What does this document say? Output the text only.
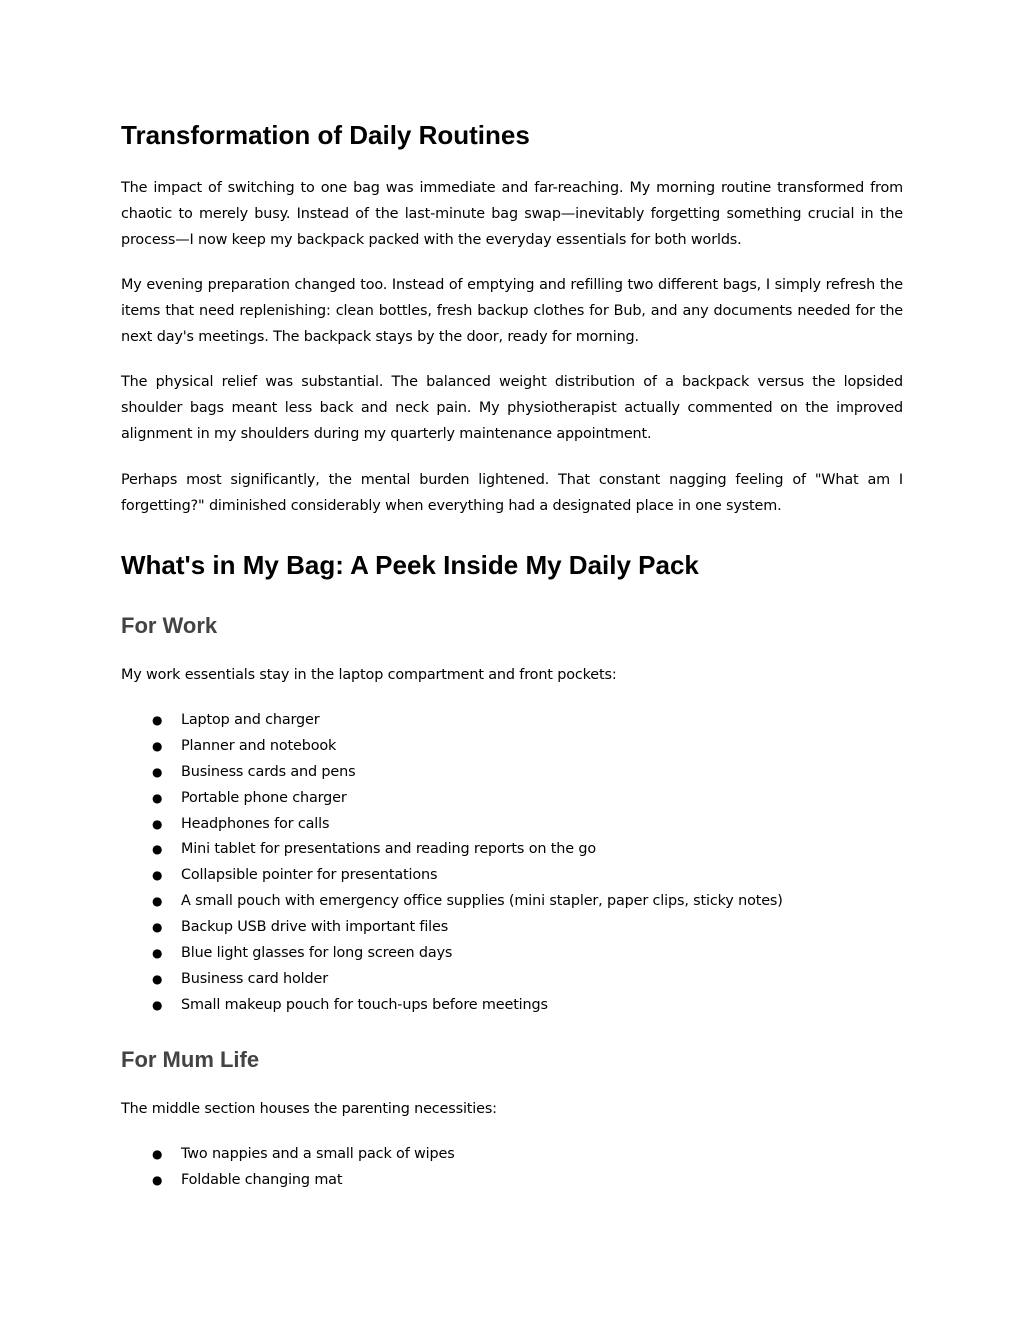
Transformation of Daily Routines

The impact of switching to one bag was immediate and far-reaching. My morning routine transformed from chaotic to merely busy. Instead of the last-minute bag swap—inevitably forgetting something crucial in the process—I now keep my backpack packed with the everyday essentials for both worlds.

My evening preparation changed too. Instead of emptying and refilling two different bags, I simply refresh the items that need replenishing: clean bottles, fresh backup clothes for Bub, and any documents needed for the next day's meetings. The backpack stays by the door, ready for morning.

The physical relief was substantial. The balanced weight distribution of a backpack versus the lopsided shoulder bags meant less back and neck pain. My physiotherapist actually commented on the improved alignment in my shoulders during my quarterly maintenance appointment.

Perhaps most significantly, the mental burden lightened. That constant nagging feeling of "What am I forgetting?" diminished considerably when everything had a designated place in one system.

What's in My Bag: A Peek Inside My Daily Pack
For Work

My work essentials stay in the laptop compartment and front pockets:

● Laptop and charger
● Planner and notebook
● Business cards and pens
● Portable phone charger
● Headphones for calls
● Mini tablet for presentations and reading reports on the go
● Collapsible pointer for presentations
● A small pouch with emergency office supplies (mini stapler, paper clips, sticky notes)
● Backup USB drive with important files
● Blue light glasses for long screen days
● Business card holder
● Small makeup pouch for touch-ups before meetings
For Mum Life

The middle section houses the parenting necessities:

● Two nappies and a small pack of wipes
● Foldable changing mat
